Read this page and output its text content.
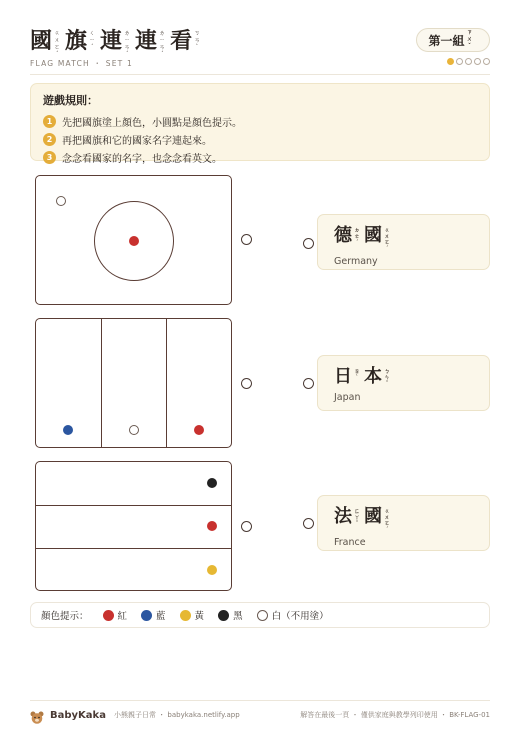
國 ㄍㄨㄛˊ
旗 ㄑㄧˊ 連 ㄌㄧㄢˊ
連 ㄌㄧㄢˊ
看 ㄎㄢˋ
FLAG MATCH ・ SET 1
第一組
ㄗㄨˇ
遊戲規則：
1 先把國旗塗上顏色，小圓點是顏色提示。
2 再把國旗和它的國家名字連起來。
3 念念看國家的名字，也念念看英文。
德 ㄉㄜˊ 國 ㄍㄨㄛˊ
Germany
日 ㄖˋ 本 ㄅㄣˇ
Japan
法 ㄈㄚˇ 國 ㄍㄨㄛˊ
France
顏色提示：	紅	藍	黃	黑	白（不用塗）
BabyKaka 小熊親子日常 ・ babykaka.netlify.app	解答在最後一頁 ・ 僅供家庭與教學列印使用 ・ BK-FLAG-01
